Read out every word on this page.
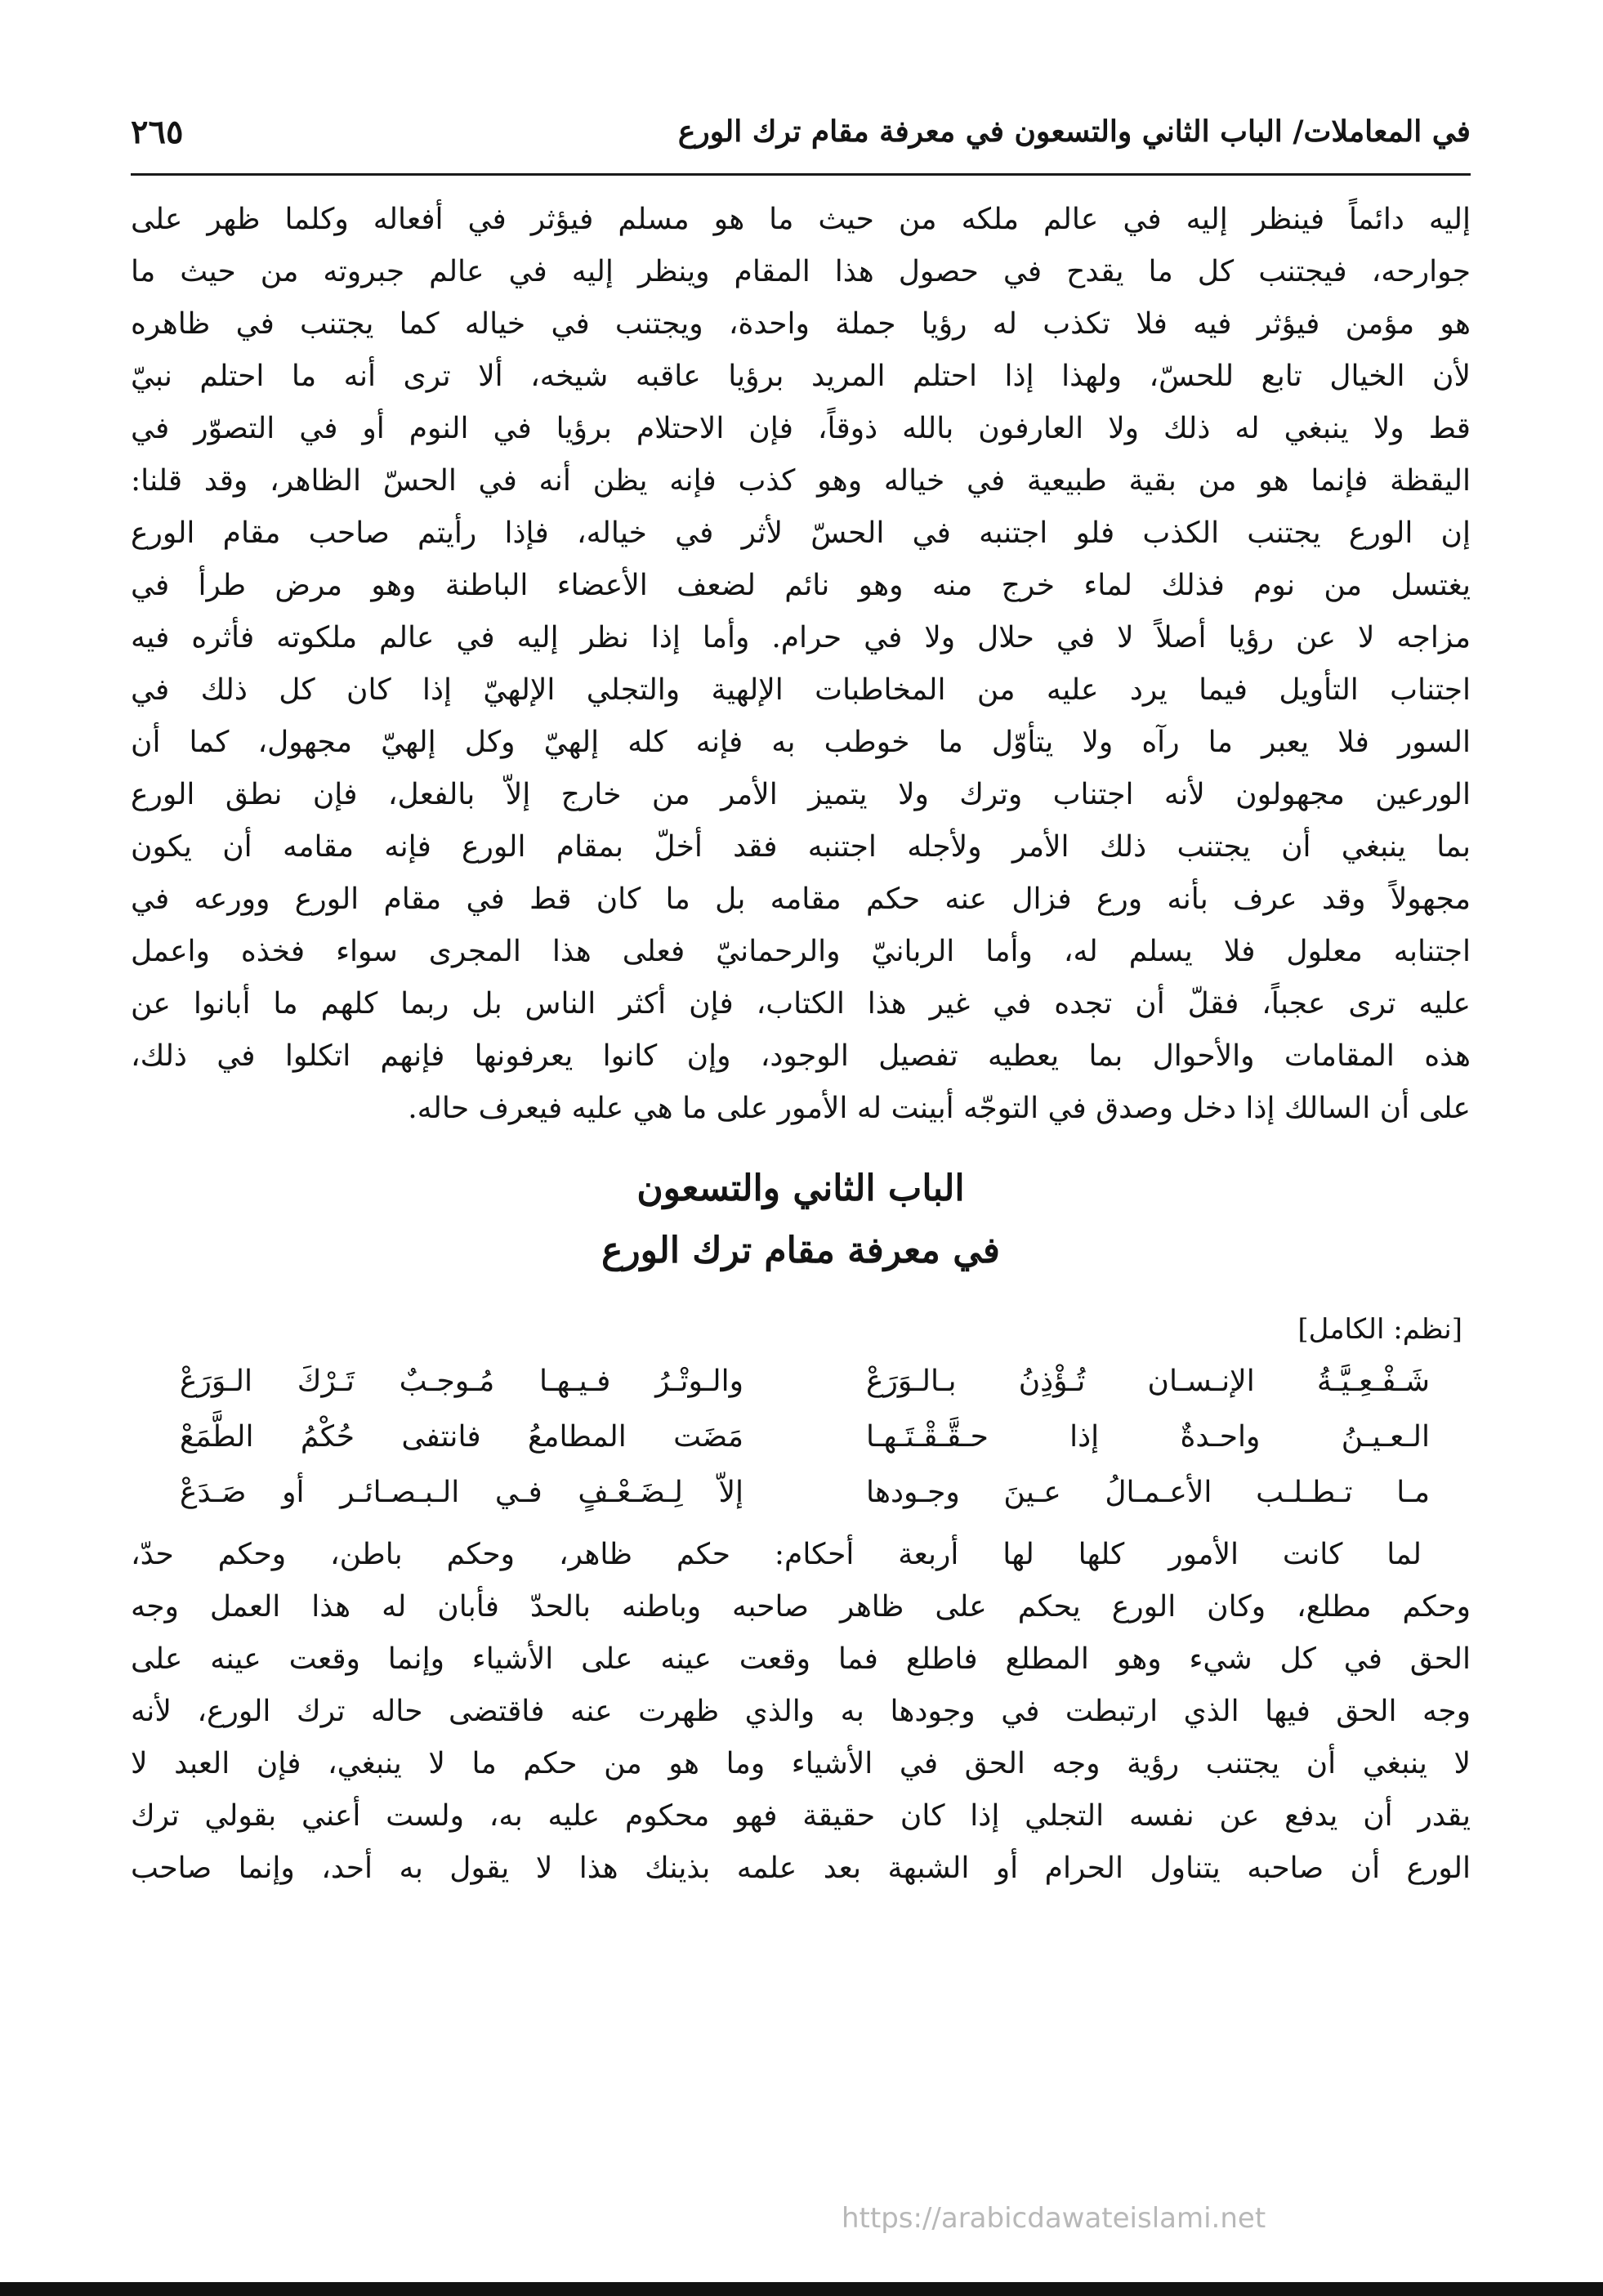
في المعاملات/ الباب الثاني والتسعون في معرفة مقام ترك الورع
٢٦٥
إليه دائماً فينظر إليه في عالم ملكه من حيث ما هو مسلم فيؤثر في أفعاله وكلما ظهر على
جوارحه، فيجتنب كل ما يقدح في حصول هذا المقام وينظر إليه في عالم جبروته من حيث ما
هو مؤمن فيؤثر فيه فلا تكذب له رؤيا جملة واحدة، ويجتنب في خياله كما يجتنب في ظاهره
لأن الخيال تابع للحسّ، ولهذا إذا احتلم المريد برؤيا عاقبه شيخه، ألا ترى أنه ما احتلم نبيّ
قط ولا ينبغي له ذلك ولا العارفون بالله ذوقاً، فإن الاحتلام برؤيا في النوم أو في التصوّر في
اليقظة فإنما هو من بقية طبيعية في خياله وهو كذب فإنه يظن أنه في الحسّ الظاهر، وقد قلنا:
إن الورع يجتنب الكذب فلو اجتنبه في الحسّ لأثر في خياله، فإذا رأيتم صاحب مقام الورع
يغتسل من نوم فذلك لماء خرج منه وهو نائم لضعف الأعضاء الباطنة وهو مرض طرأ في
مزاجه لا عن رؤيا أصلاً لا في حلال ولا في حرام. وأما إذا نظر إليه في عالم ملكوته فأثره فيه
اجتناب التأويل فيما يرد عليه من المخاطبات الإلهية والتجلي الإلهيّ إذا كان كل ذلك في
السور فلا يعبر ما رآه ولا يتأوّل ما خوطب به فإنه كله إلهيّ وكل إلهيّ مجهول، كما أن
الورعين مجهولون لأنه اجتناب وترك ولا يتميز الأمر من خارج إلاّ بالفعل، فإن نطق الورع
بما ينبغي أن يجتنب ذلك الأمر ولأجله اجتنبه فقد أخلّ بمقام الورع فإنه مقامه أن يكون
مجهولاً وقد عرف بأنه ورع فزال عنه حكم مقامه بل ما كان قط في مقام الورع وورعه في
اجتنابه معلول فلا يسلم له، وأما الربانيّ والرحمانيّ فعلى هذا المجرى سواء فخذه واعمل
عليه ترى عجباً، فقلّ أن تجده في غير هذا الكتاب، فإن أكثر الناس بل ربما كلهم ما أبانوا عن
هذه المقامات والأحوال بما يعطيه تفصيل الوجود، وإن كانوا يعرفونها فإنهم اتكلوا في ذلك،
على أن السالك إذا دخل وصدق في التوجّه أبينت له الأمور على ما هي عليه فيعرف حاله.
الباب الثاني والتسعون
في معرفة مقام ترك الورع
[نظم: الكامل]
شَـفْـعِـيَّـةُ الإنـسـان تُـؤْذِنُ بـالـوَرَعْ
والـوتْـرُ فـيـهـا مُـوجـبٌ تَـرْكَ الـوَرَعْ
الـعـيـنُ واحـدةٌ إذا حـقَّـقْـتَـهـا
مَضَت المطامعُ فانتفى حُكْمُ الطَّمَعْ
مـا تـطـلـب الأعـمـالُ عـينَ وجـودها
إلاّ لِـضَـعْـفٍ فـي الـبـصـائـر أو صَـدَعْ
لما كانت الأمور كلها لها أربعة أحكام: حكم ظاهر، وحكم باطن، وحكم حدّ،
وحكم مطلع، وكان الورع يحكم على ظاهر صاحبه وباطنه بالحدّ فأبان له هذا العمل وجه
الحق في كل شيء وهو المطلع فاطلع فما وقعت عينه على الأشياء وإنما وقعت عينه على
وجه الحق فيها الذي ارتبطت في وجودها به والذي ظهرت عنه فاقتضى حاله ترك الورع، لأنه
لا ينبغي أن يجتنب رؤية وجه الحق في الأشياء وما هو من حكم ما لا ينبغي، فإن العبد لا
يقدر أن يدفع عن نفسه التجلي إذا كان حقيقة فهو محكوم عليه به، ولست أعني بقولي ترك
الورع أن صاحبه يتناول الحرام أو الشبهة بعد علمه بذينك هذا لا يقول به أحد، وإنما صاحب
https://arabicdawateislami.net
